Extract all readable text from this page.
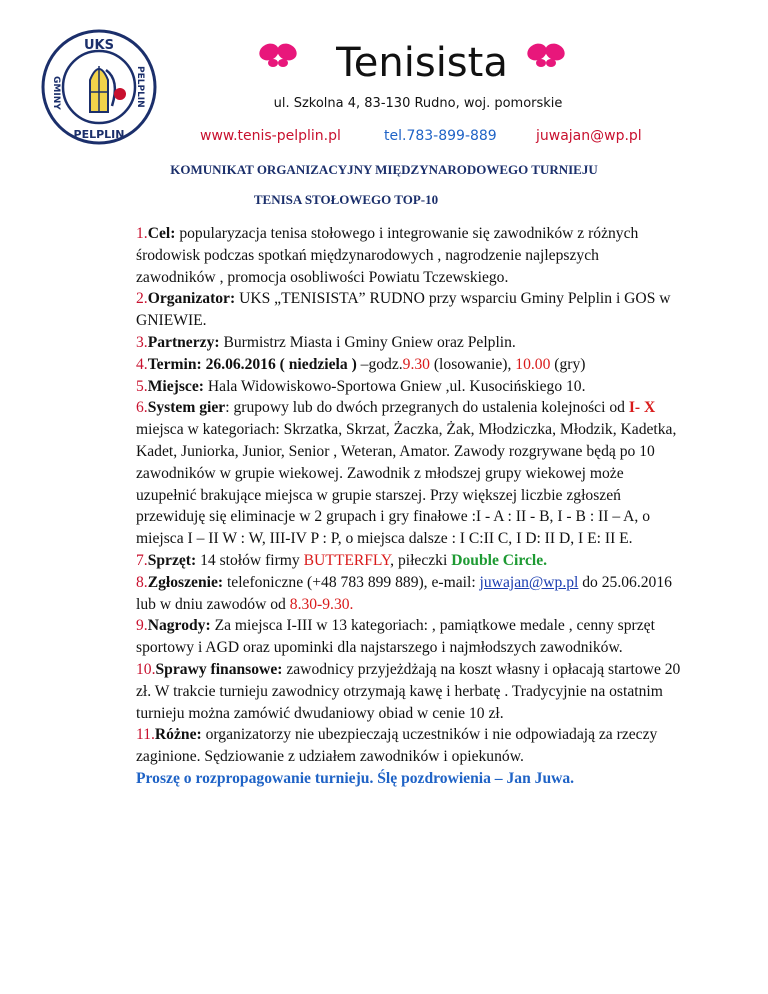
UKS
GMINY	PELPLIN
PELPLIN
Tenisista
ul. Szkolna 4, 83-130 Rudno, woj. pomorskie
www.tenis-pelplin.pl	tel.783-899-889	juwajan@wp.pl
KOMUNIKAT ORGANIZACYJNY MIĘDZYNARODOWEGO TURNIEJU
TENISA STOŁOWEGO TOP-10

1.Cel: popularyzacja tenisa stołowego i integrowanie się zawodników z różnych środowisk podczas spotkań międzynarodowych , nagrodzenie najlepszych zawodników , promocja osobliwości Powiatu Tczewskiego.

2.Organizator: UKS „TENISISTA” RUDNO przy wsparciu Gminy Pelplin i GOS w GNIEWIE.

3.Partnerzy: Burmistrz Miasta i Gminy Gniew oraz Pelplin.

4.Termin: 26.06.2016 ( niedziela ) –godz.9.30 (losowanie), 10.00 (gry)

5.Miejsce: Hala Widowiskowo-Sportowa Gniew ,ul. Kusocińskiego 10.

6.System gier: grupowy lub do dwóch przegranych do ustalenia kolejności od I- X miejsca w kategoriach: Skrzatka, Skrzat, Żaczka, Żak, Młodziczka, Młodzik, Kadetka, Kadet, Juniorka, Junior, Senior , Weteran, Amator. Zawody rozgrywane będą po 10 zawodników w grupie wiekowej. Zawodnik z młodszej grupy wiekowej może uzupełnić brakujące miejsca w grupie starszej. Przy większej liczbie zgłoszeń przewiduję się eliminacje w 2 grupach i gry finałowe :I - A : II - B, I - B : II – A, o miejsca I – II W : W, III-IV P : P, o miejsca dalsze : I C:II C, I D: II D, I E: II E.

7.Sprzęt: 14 stołów firmy BUTTERFLY, piłeczki Double Circle.

8.Zgłoszenie: telefoniczne (+48 783 899 889), e-mail: juwajan@wp.pl do 25.06.2016 lub w dniu zawodów od 8.30-9.30.

9.Nagrody: Za miejsca I-III w 13 kategoriach: , pamiątkowe medale , cenny sprzęt sportowy i AGD oraz upominki dla najstarszego i najmłodszych zawodników.

10.Sprawy finansowe: zawodnicy przyjeżdżają na koszt własny i opłacają startowe 20 zł. W trakcie turnieju zawodnicy otrzymają kawę i herbatę . Tradycyjnie na ostatnim turnieju można zamówić dwudaniowy obiad w cenie 10 zł.

11.Różne: organizatorzy nie ubezpieczają uczestników i nie odpowiadają za rzeczy zaginione. Sędziowanie z udziałem zawodników i opiekunów.

Proszę o rozpropagowanie turnieju. Ślę pozdrowienia – Jan Juwa.
